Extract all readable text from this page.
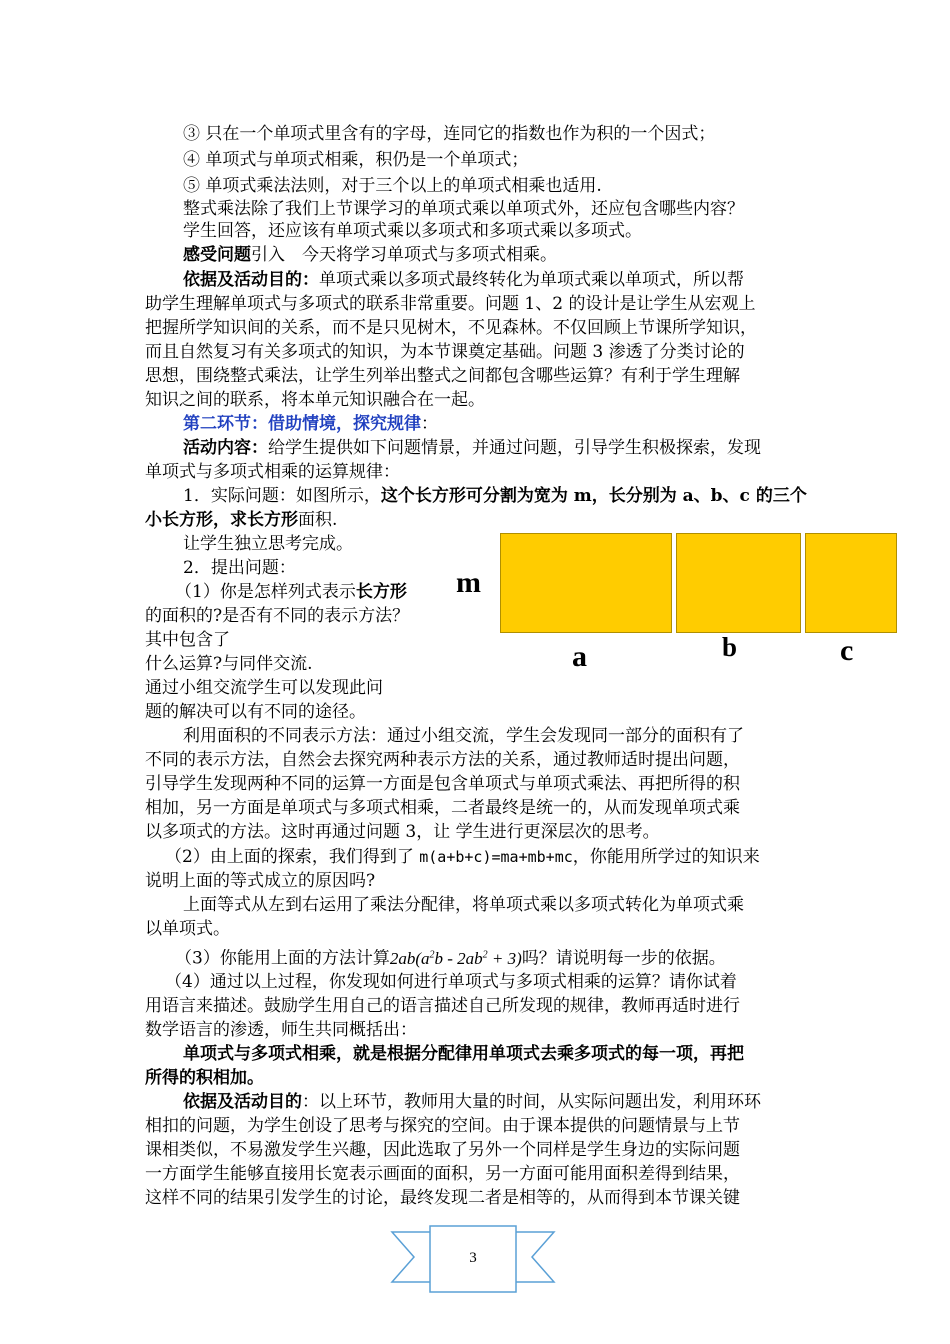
③ 只在一个单项式里含有的字母，连同它的指数也作为积的一个因式；
④ 单项式与单项式相乘，积仍是一个单项式；
⑤ 单项式乘法法则，对于三个以上的单项式相乘也适用.
整式乘法除了我们上节课学习的单项式乘以单项式外，还应包含哪些内容？
学生回答，还应该有单项式乘以多项式和多项式乘以多项式。
感受问题引入　今天将学习单项式与多项式相乘。
依据及活动目的：单项式乘以多项式最终转化为单项式乘以单项式，所以帮
助学生理解单项式与多项式的联系非常重要。问题 1、2 的设计是让学生从宏观上
把握所学知识间的关系，而不是只见树木，不见森林。不仅回顾上节课所学知识，
而且自然复习有关多项式的知识，为本节课奠定基础。问题 3 渗透了分类讨论的
思想，围绕整式乘法，让学生列举出整式之间都包含哪些运算？有利于学生理解
知识之间的联系，将本单元知识融合在一起。
第二环节：借助情境，探究规律：
活动内容：给学生提供如下问题情景，并通过问题，引导学生积极探索，发现
单项式与多项式相乘的运算规律：
1．实际问题：如图所示，这个长方形可分割为宽为 m，长分别为 a、b、c 的三个
小长方形，求长方形面积.
让学生独立思考完成。
2．提出问题：
（1）你是怎样列式表示长方形
的面积的?是否有不同的表示方法？
其中包含了
什么运算?与同伴交流.
通过小组交流学生可以发现此问
题的解决可以有不同的途径。
m
a	b	c
利用面积的不同表示方法：通过小组交流，学生会发现同一部分的面积有了
不同的表示方法，自然会去探究两种表示方法的关系，通过教师适时提出问题，
引导学生发现两种不同的运算一方面是包含单项式与单项式乘法、再把所得的积
相加，另一方面是单项式与多项式相乘，二者最终是统一的，从而发现单项式乘
以多项式的方法。这时再通过问题 3，让 学生进行更深层次的思考。
（2）由上面的探索，我们得到了 m(a+b+c)=ma+mb+mc，你能用所学过的知识来
说明上面的等式成立的原因吗?
上面等式从左到右运用了乘法分配律，将单项式乘以多项式转化为单项式乘
以单项式。
（3）你能用上面的方法计算$2ab(a^2b - 2ab^2 + 3)$吗？请说明每一步的依据。
（4）通过以上过程，你发现如何进行单项式与多项式相乘的运算？请你试着
用语言来描述。鼓励学生用自己的语言描述自己所发现的规律，教师再适时进行
数学语言的渗透，师生共同概括出：
单项式与多项式相乘，就是根据分配律用单项式去乘多项式的每一项，再把
所得的积相加。
依据及活动目的：以上环节，教师用大量的时间，从实际问题出发，利用环环
相扣的问题，为学生创设了思考与探究的空间。由于课本提供的问题情景与上节
课相类似，不易激发学生兴趣，因此选取了另外一个同样是学生身边的实际问题
一方面学生能够直接用长宽表示画面的面积，另一方面可能用面积差得到结果，
这样不同的结果引发学生的讨论，最终发现二者是相等的，从而得到本节课关键
3
